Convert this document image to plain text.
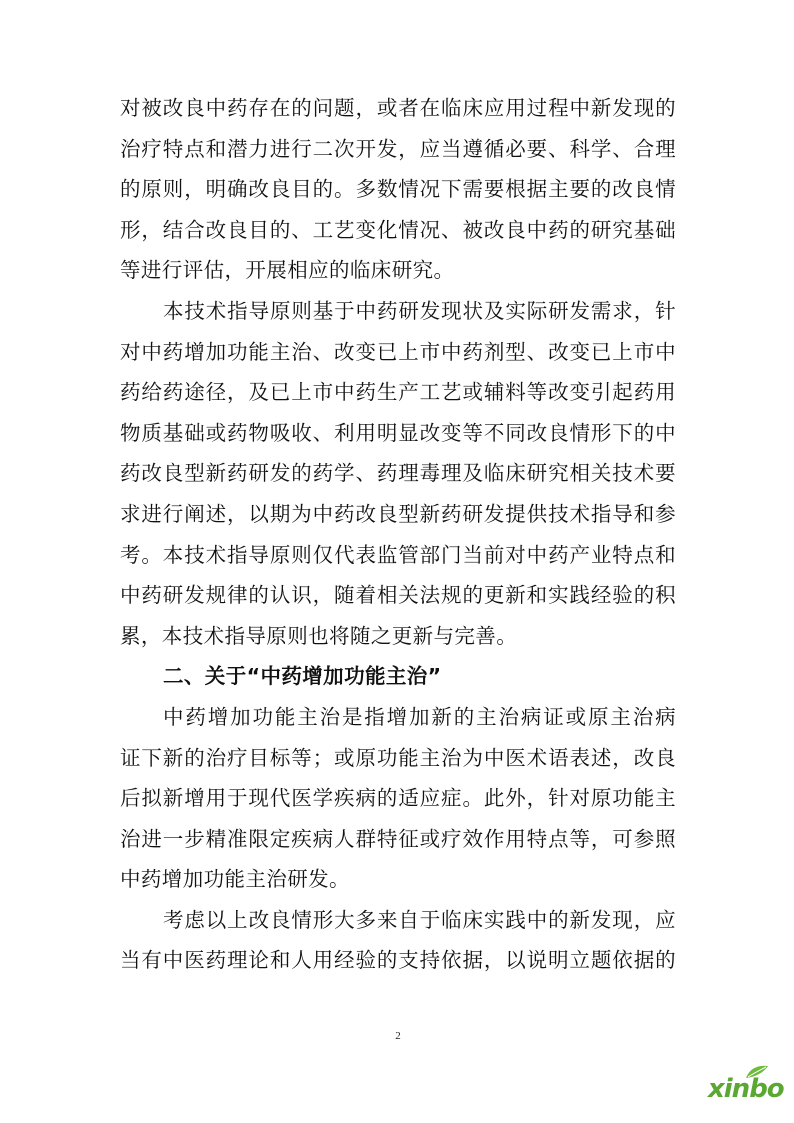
对被改良中药存在的问题，或者在临床应用过程中新发现的
治疗特点和潜力进行二次开发，应当遵循必要、科学、合理
的原则，明确改良目的。多数情况下需要根据主要的改良情
形，结合改良目的、工艺变化情况、被改良中药的研究基础
等进行评估，开展相应的临床研究。
本技术指导原则基于中药研发现状及实际研发需求，针
对中药增加功能主治、改变已上市中药剂型、改变已上市中
药给药途径，及已上市中药生产工艺或辅料等改变引起药用
物质基础或药物吸收、利用明显改变等不同改良情形下的中
药改良型新药研发的药学、药理毒理及临床研究相关技术要
求进行阐述，以期为中药改良型新药研发提供技术指导和参
考。本技术指导原则仅代表监管部门当前对中药产业特点和
中药研发规律的认识，随着相关法规的更新和实践经验的积
累，本技术指导原则也将随之更新与完善。
二、关于“中药增加功能主治”
中药增加功能主治是指增加新的主治病证或原主治病
证下新的治疗目标等；或原功能主治为中医术语表述，改良
后拟新增用于现代医学疾病的适应症。此外，针对原功能主
治进一步精准限定疾病人群特征或疗效作用特点等，可参照
中药增加功能主治研发。
考虑以上改良情形大多来自于临床实践中的新发现，应
当有中医药理论和人用经验的支持依据，以说明立题依据的
2
xinbo
